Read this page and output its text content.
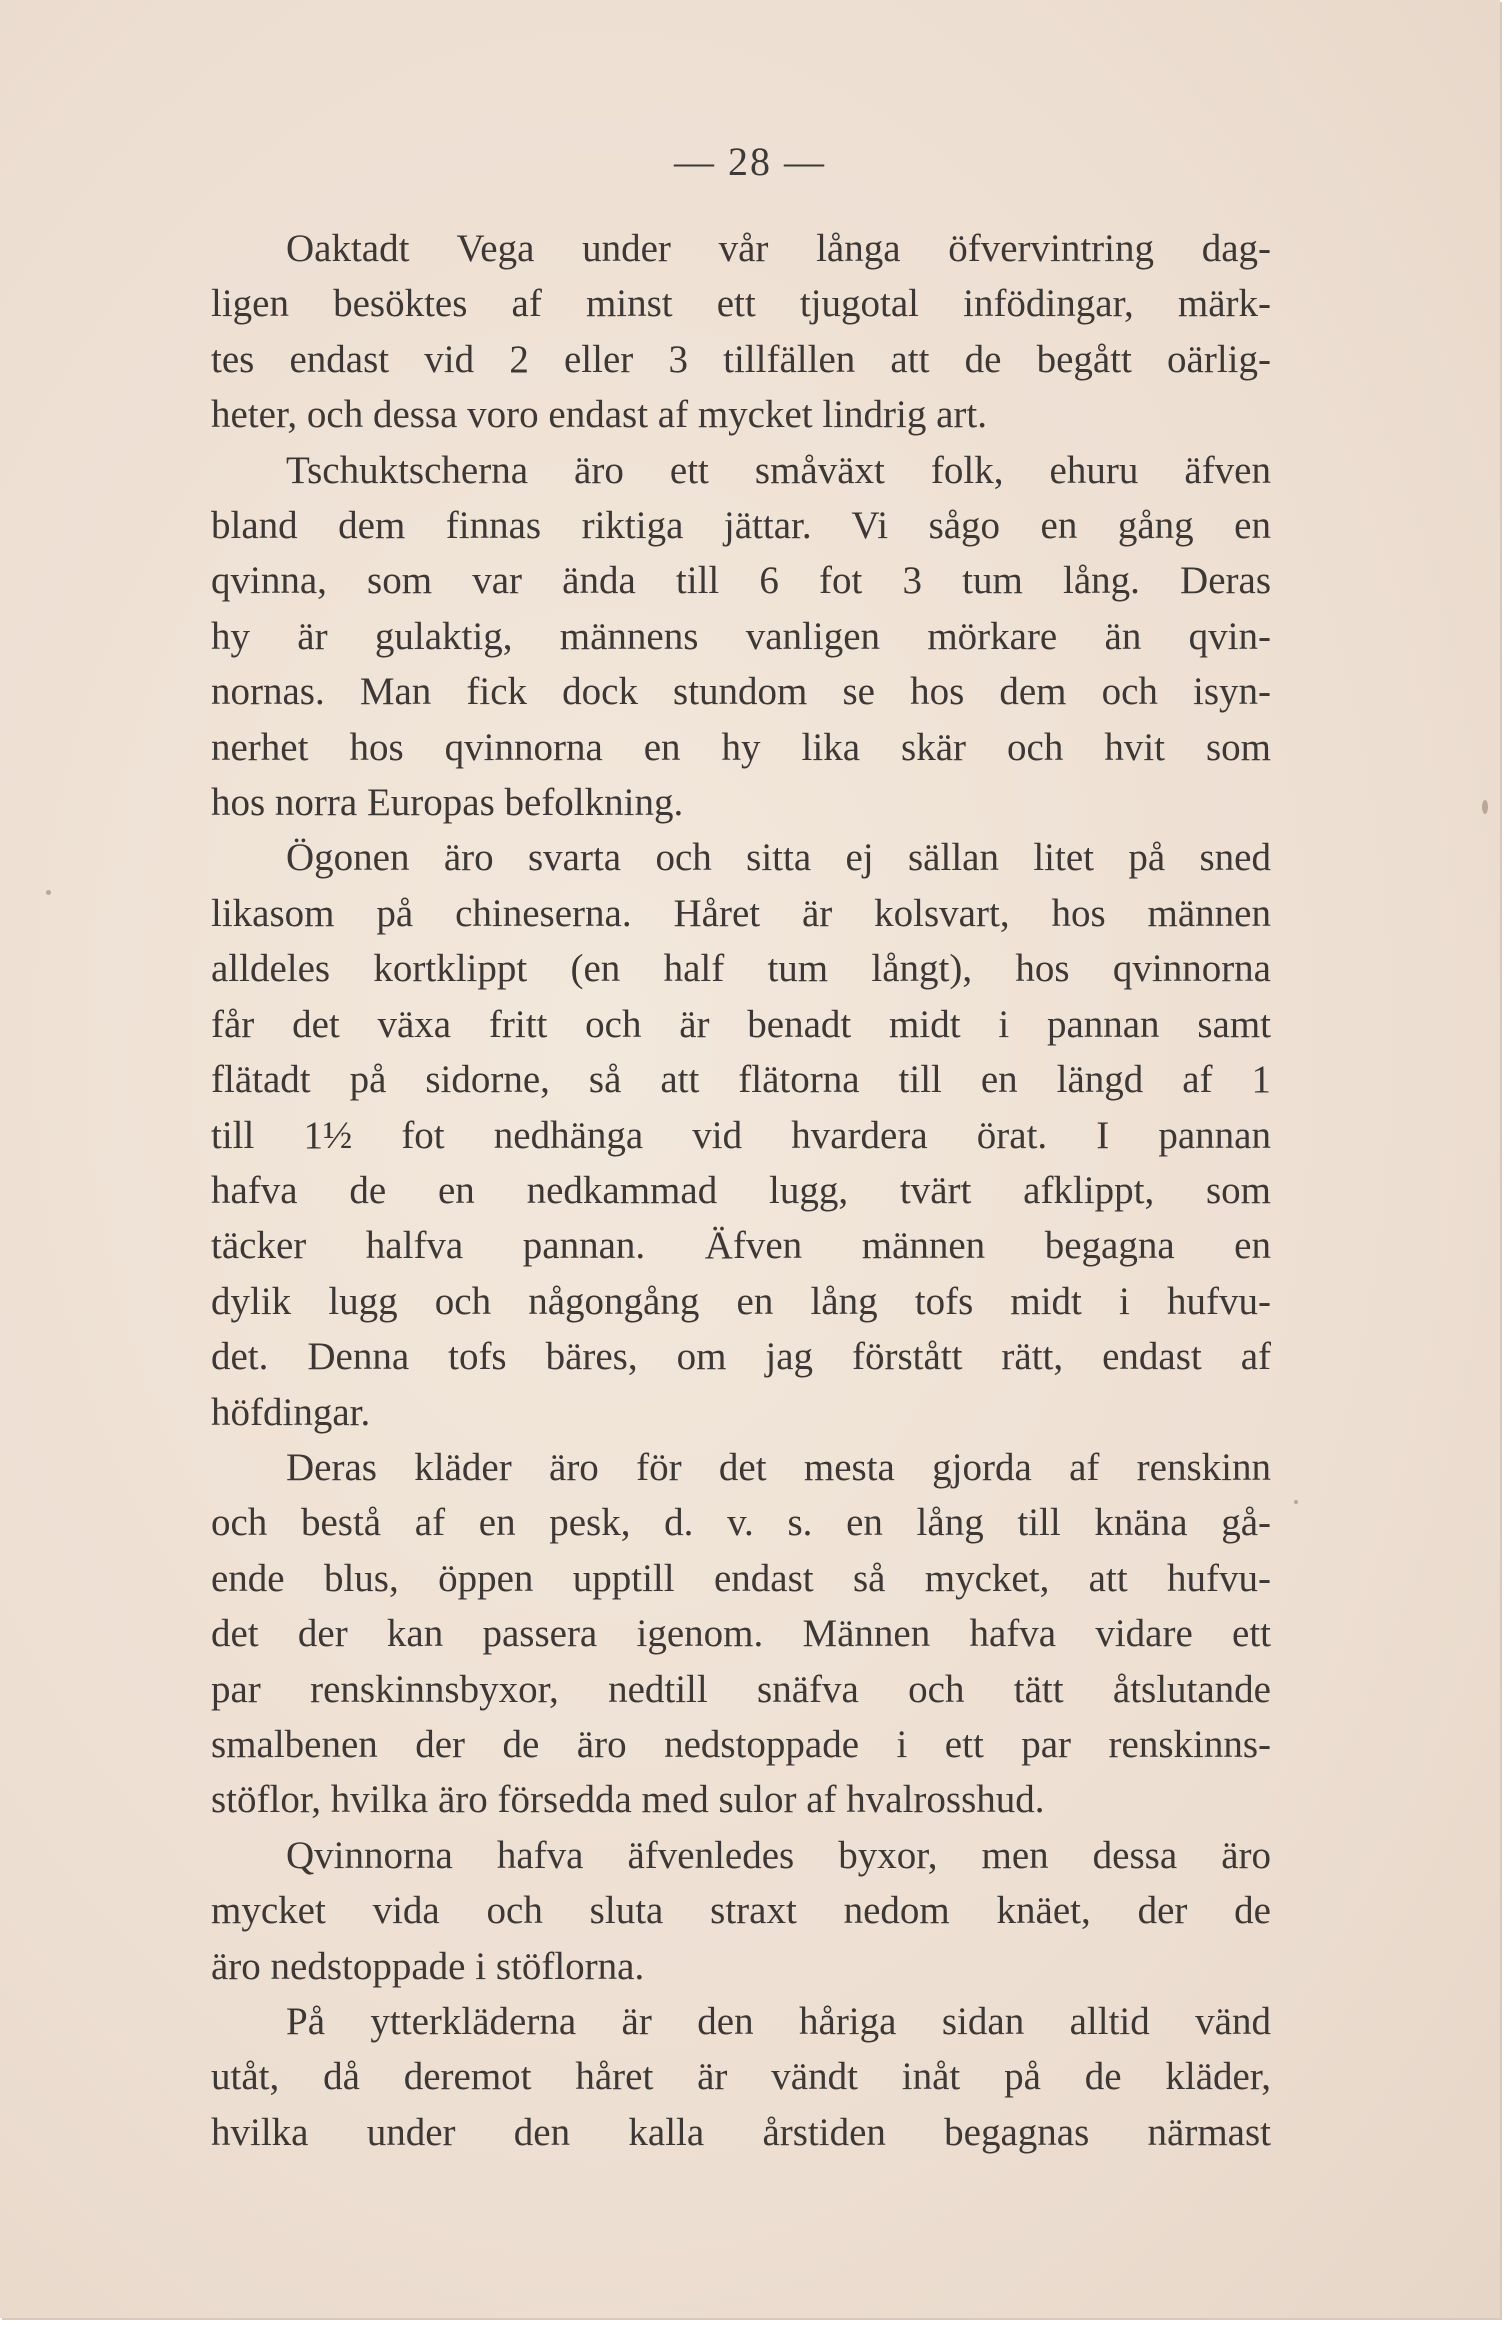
— 28 —
Oaktadt Vega under vår långa öfvervintring dag-
ligen besöktes af minst ett tjugotal infödingar, märk-
tes endast vid 2 eller 3 tillfällen att de begått oärlig-
heter, och dessa voro endast af mycket lindrig art.
Tschuktscherna äro ett småväxt folk, ehuru äfven
bland dem finnas riktiga jättar. Vi sågo en gång en
qvinna, som var ända till 6 fot 3 tum lång. Deras
hy är gulaktig, männens vanligen mörkare än qvin-
nornas. Man fick dock stundom se hos dem och isyn-
nerhet hos qvinnorna en hy lika skär och hvit som
hos norra Europas befolkning.
Ögonen äro svarta och sitta ej sällan litet på sned
likasom på chineserna. Håret är kolsvart, hos männen
alldeles kortklippt (en half tum långt), hos qvinnorna
får det växa fritt och är benadt midt i pannan samt
flätadt på sidorne, så att flätorna till en längd af 1
till 1½ fot nedhänga vid hvardera örat. I pannan
hafva de en nedkammad lugg, tvärt afklippt, som
täcker halfva pannan. Äfven männen begagna en
dylik lugg och någongång en lång tofs midt i hufvu-
det. Denna tofs bäres, om jag förstått rätt, endast af
höfdingar.
Deras kläder äro för det mesta gjorda af renskinn
och bestå af en pesk, d. v. s. en lång till knäna gå-
ende blus, öppen upptill endast så mycket, att hufvu-
det der kan passera igenom. Männen hafva vidare ett
par renskinnsbyxor, nedtill snäfva och tätt åtslutande
smalbenen der de äro nedstoppade i ett par renskinns-
stöflor, hvilka äro försedda med sulor af hvalrosshud.
Qvinnorna hafva äfvenledes byxor, men dessa äro
mycket vida och sluta straxt nedom knäet, der de
äro nedstoppade i stöflorna.
På ytterkläderna är den håriga sidan alltid vänd
utåt, då deremot håret är vändt inåt på de kläder,
hvilka under den kalla årstiden begagnas närmast
